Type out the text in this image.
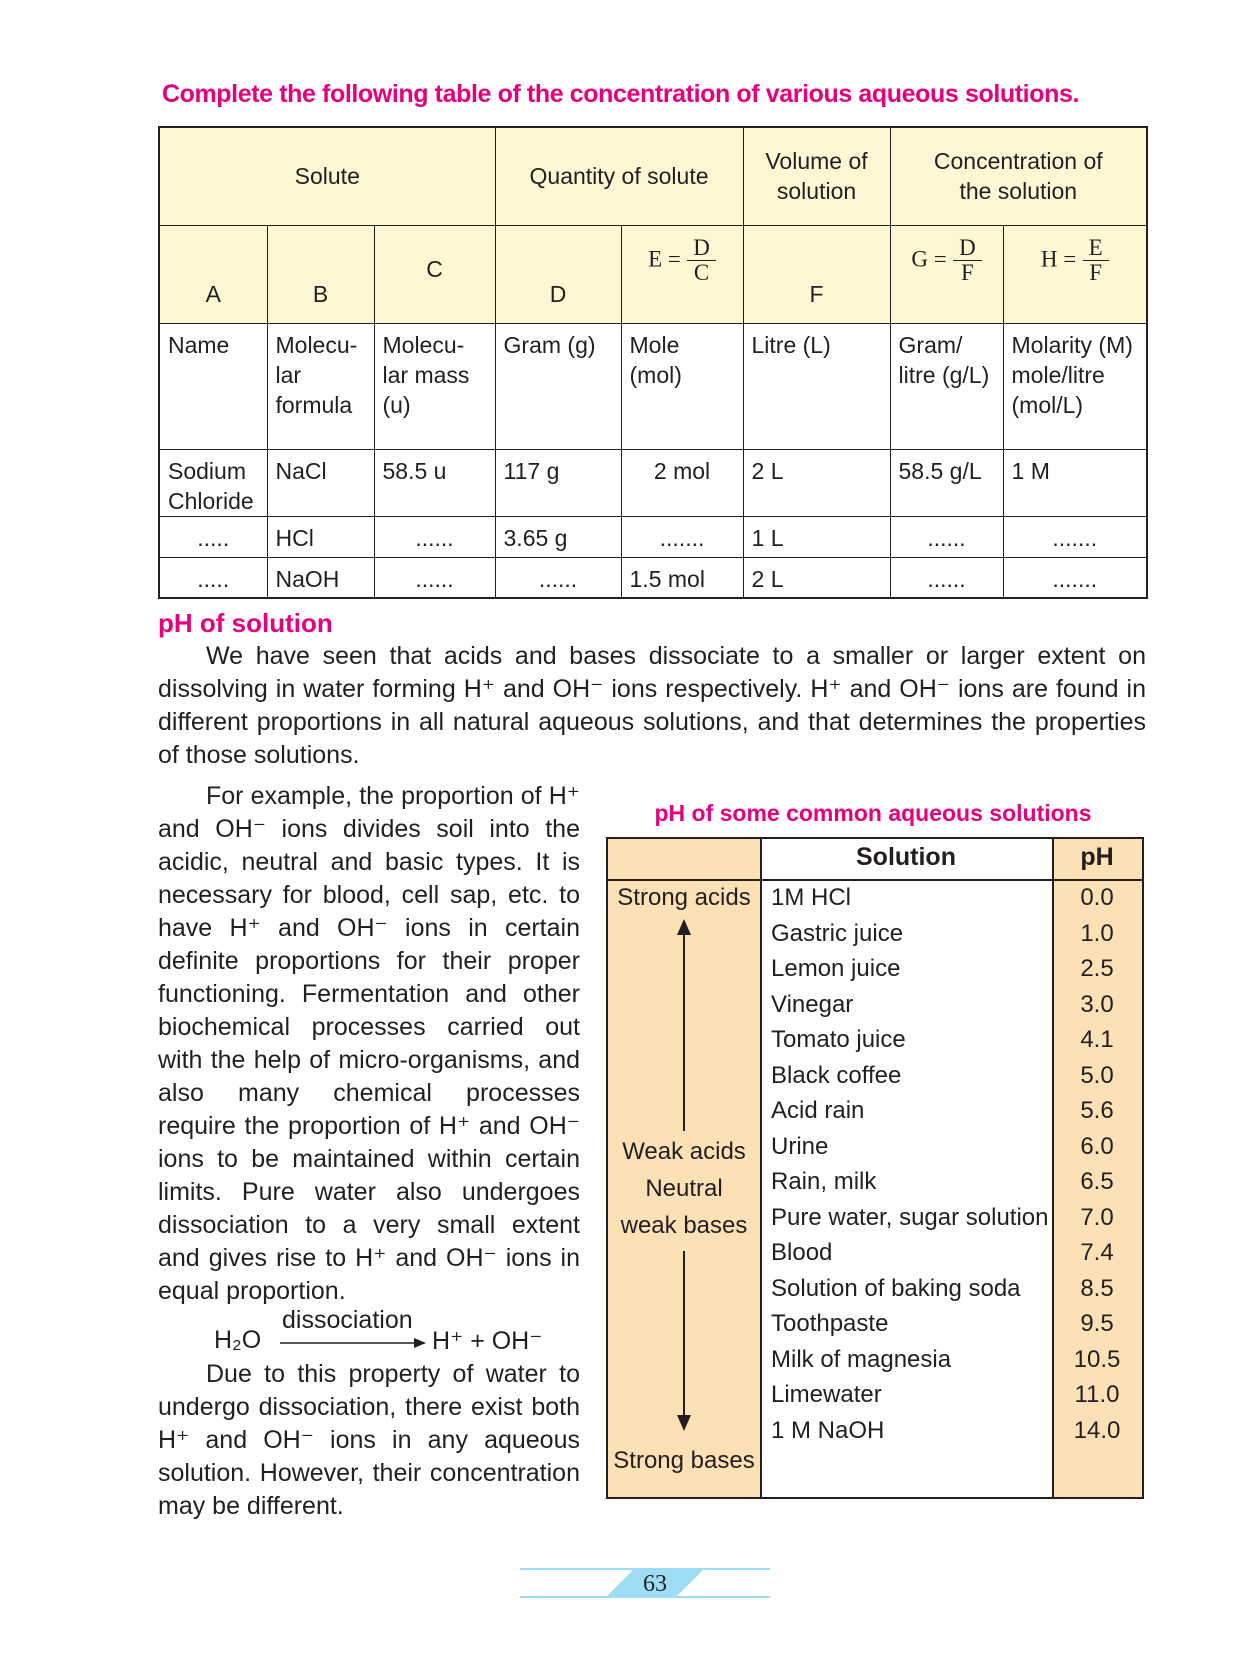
Complete the following table of the concentration of various aqueous solutions.
Solute			Quantity of solute		Volume of solution	Concentration of the solution	
A	B	C	D	$E = \frac{D}{C}$	F	$G = \frac{D}{F}$	$H = \frac{E}{F}$

Name	Molecu- lar formula	Molecu- lar mass (u)	Gram (g)	Mole (mol)	Litre (L)	Gram/ litre (g/L)	Molarity (M) mole/litre (mol/L)
Sodium Chloride	NaCl	58.5 u	117 g	2 mol	2 L	58.5 g/L	1 M
.....	HCl	......	3.65 g	.......	1 L	......	.......
.....	NaOH	......	......	1.5 mol	2 L	......	.......
pH of solution
We have seen that acids and bases dissociate to a smaller or larger extent on dissolving in water forming H⁺ and OH⁻ ions respectively. H⁺ and OH⁻ ions are found in different proportions in all natural aqueous solutions, and that determines the properties of those solutions.
For example, the proportion of H⁺ and OH⁻ ions divides soil into the acidic, neutral and basic types. It is necessary for blood, cell sap, etc. to have H⁺ and OH⁻ ions in certain definite proportions for their proper functioning. Fermentation and other biochemical processes carried out with the help of micro-organisms, and also many chemical processes require the proportion of H⁺ and OH⁻ ions to be maintained within certain limits. Pure water also undergoes dissociation to a very small extent and gives rise to H⁺ and OH⁻ ions in equal proportion.
H₂O
dissociation
H⁺ + OH⁻
Due to this property of water to undergo dissociation, there exist both H⁺ and OH⁻ ions in any aqueous solution. However, their concentration may be different.
pH of some common aqueous solutions
Solution	pH
Strong acids
Weak acids
Neutral
weak bases
Strong bases
1M HCl	0.0
Gastric juice	1.0
Lemon juice	2.5
Vinegar	3.0
Tomato juice	4.1
Black coffee	5.0
Acid rain	5.6
Urine	6.0
Rain, milk	6.5
Pure water, sugar solution	7.0
Blood	7.4
Solution of baking soda	8.5
Toothpaste	9.5
Milk of magnesia	10.5
Limewater	11.0
1 M NaOH	14.0
63
